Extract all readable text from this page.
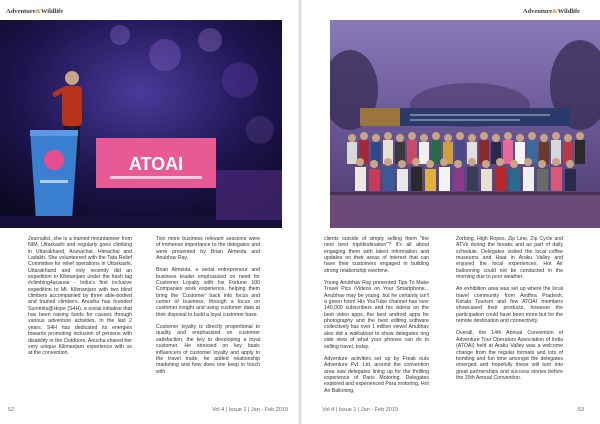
Adventure&Wildlife
ATOAI

Journalist, she is a trained mountaineer from NIM, Uttarkashi and regularly goes climbing in Uttarakhand, Arunachal, Himachal and Ladakh. She volunteered with the Tata Relief Committee for relief operations in Uttarkashi, Uttarakhand and only recently did an expedition to Kilimanjaro under the hash tag #climbing4acause - India's first inclusive expedition to Mt. Kilimanjaro with two blind climbers accompanied by three able-bodied and trained climbers. Anusha has founded Summits@Hope (S4H), a social initiative that has been raising funds for causes through various adventure activities. In the last 2 years, S4H has dedicated its energies towards promoting inclusion of persons with disability in the Outdoors. Anusha shared her very unique Kilimanjaro experience with us at the convention.

Two more business relevant sessions were of immense importance to the delegates and were presented by Brian Almeida and Anubhav Ray.

Brian Almeida, a serial entrepreneur and business leader emphasized on need for Customer Loyalty with his Fortune 100 Companies work experience, helping them bring the 'Customer' back into focus and center of business, through a focus on customer insight and using customer data at their disposal to build a loyal customer base.

Customer loyalty is directly proportional to quality and emphasized on customer satisfaction, the key to developing a loyal customer. He stressed on key basic influencers of customer loyalty and apply to the travel trade, he added relationship marketing and how does one keep in touch with

52	Vol 4 | Issue 1 | Jan - Feb 2019
Adventure&Wildlife

clients outside of simply selling them "the next best trip/destination"? It's all about engaging them with latest information and updates on their areas of interest that can have their customers engaged in building strong relationship overtime.

Young Anubhav Ray presented Tips To Make Travel Pics /Videos on Your Smartphone... Anubhav may be young, but he certainly isn't a green horn! His YouTube channel has over 140,000 subscribers and his videos on the best video apps, the best android apps for photography and the best editing software collectively has over 1 million views! Anubhav also did a walkabout to show delegates ring side view of what your phones can do to selling travel, today.

Adventure activities set up by Freak outs Adventure Pvt. Ltd. around the convention area saw delegates lining up for the thrilling experience of Paris Motoring. Delegates explored and experienced Para motoring, Hot Air Balloning,

Zorbing, High Ropes, Zip Line, Zip Cycle and ATVs during the breaks and as part of daily schedule. Delegates visited the local coffee museums and Haat in Araku Valley and enjoyed the local experiences. Hot Air ballooning could not be conducted in the morning due to poor weather.

An exhibition area was set up where the local travel community from Andhra Pradesh, Kerala Tourism and few ATOAI members showcased their products, however the participation could have been more but for the remote destination and connectivity.

Overall, the 14th Annual Convention of Adventure Tour Operators Association of India (ATOAI) held at Araku Valley was a welcome change from the regular formats and lots of bonding and fun time amongst the delegates emerged and hopefully these will turn into great partnerships and success stories before the 15th Annual Convention.

Vol 4 | Issue 1 | Jan - Feb 2019	53
